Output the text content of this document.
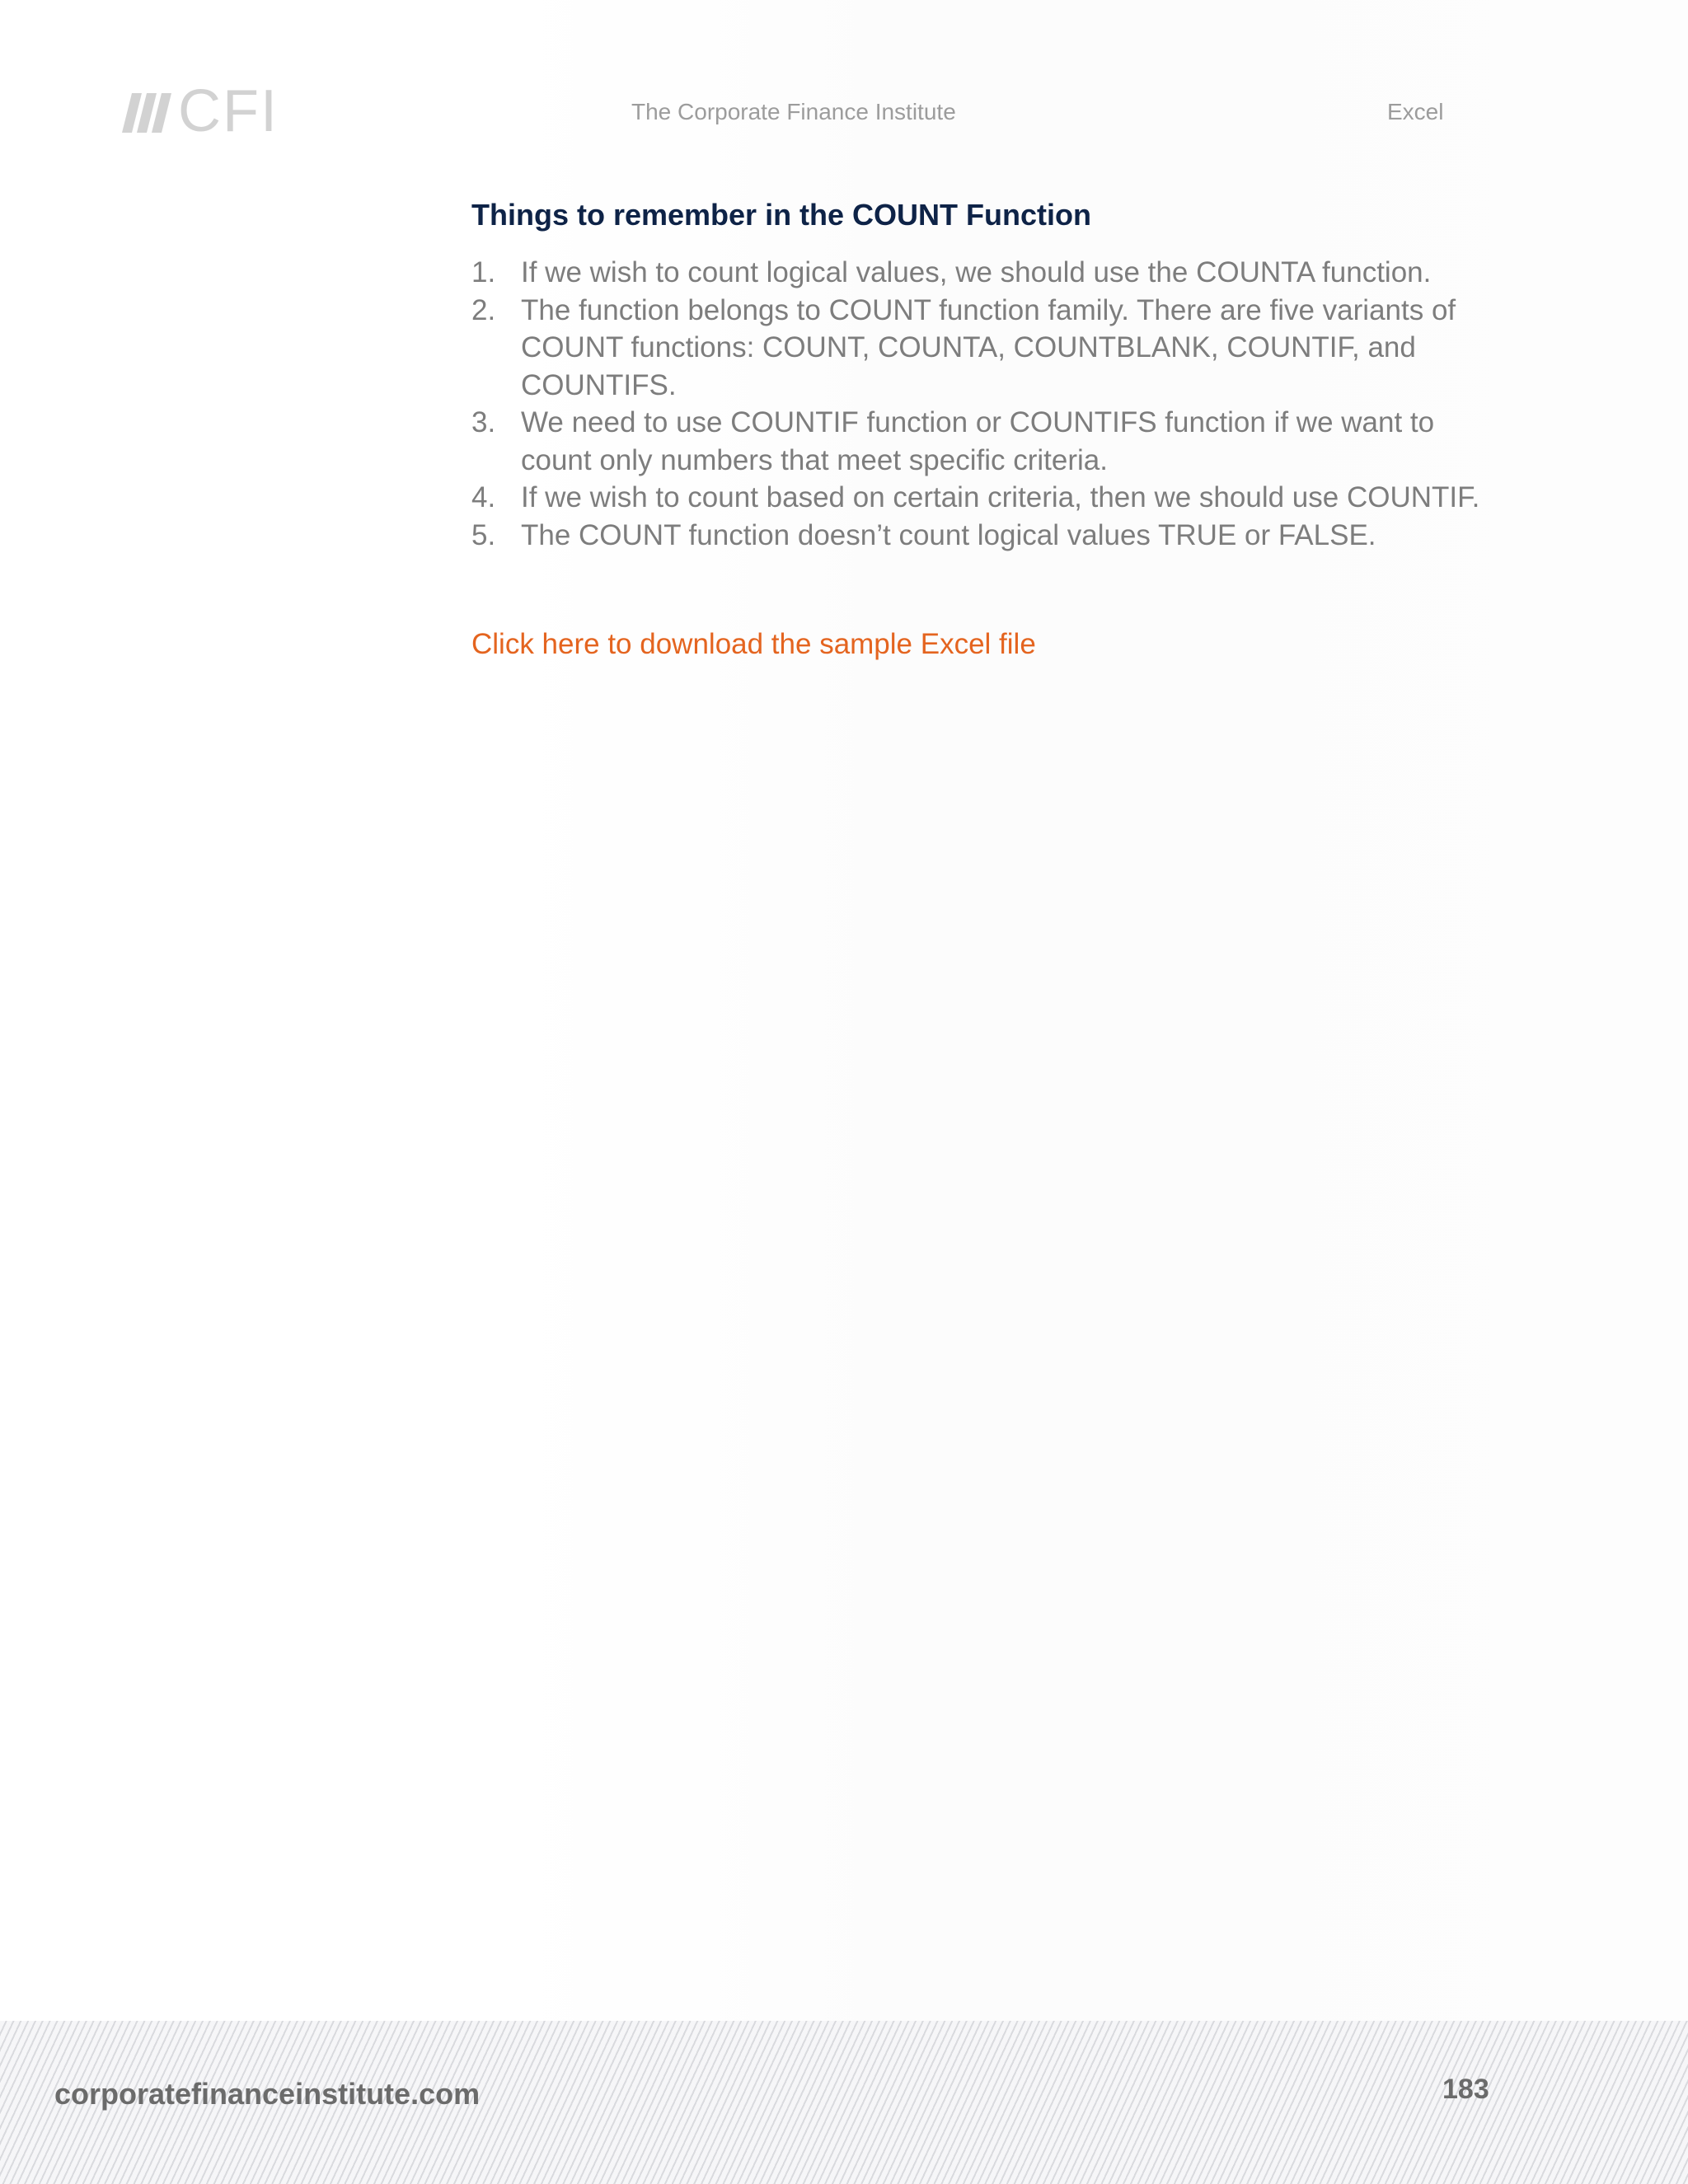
CFI	The Corporate Finance Institute	Excel
Things to remember in the COUNT Function
1. If we wish to count logical values, we should use the COUNTA function.
2. The function belongs to COUNT function family. There are five variants of COUNT functions: COUNT, COUNTA, COUNTBLANK, COUNTIF, and COUNTIFS.
3. We need to use COUNTIF function or COUNTIFS function if we want to count only numbers that meet specific criteria.
4. If we wish to count based on certain criteria, then we should use COUNTIF.
5. The COUNT function doesn’t count logical values TRUE or FALSE.
Click here to download the sample Excel file
corporatefinanceinstitute.com	183
